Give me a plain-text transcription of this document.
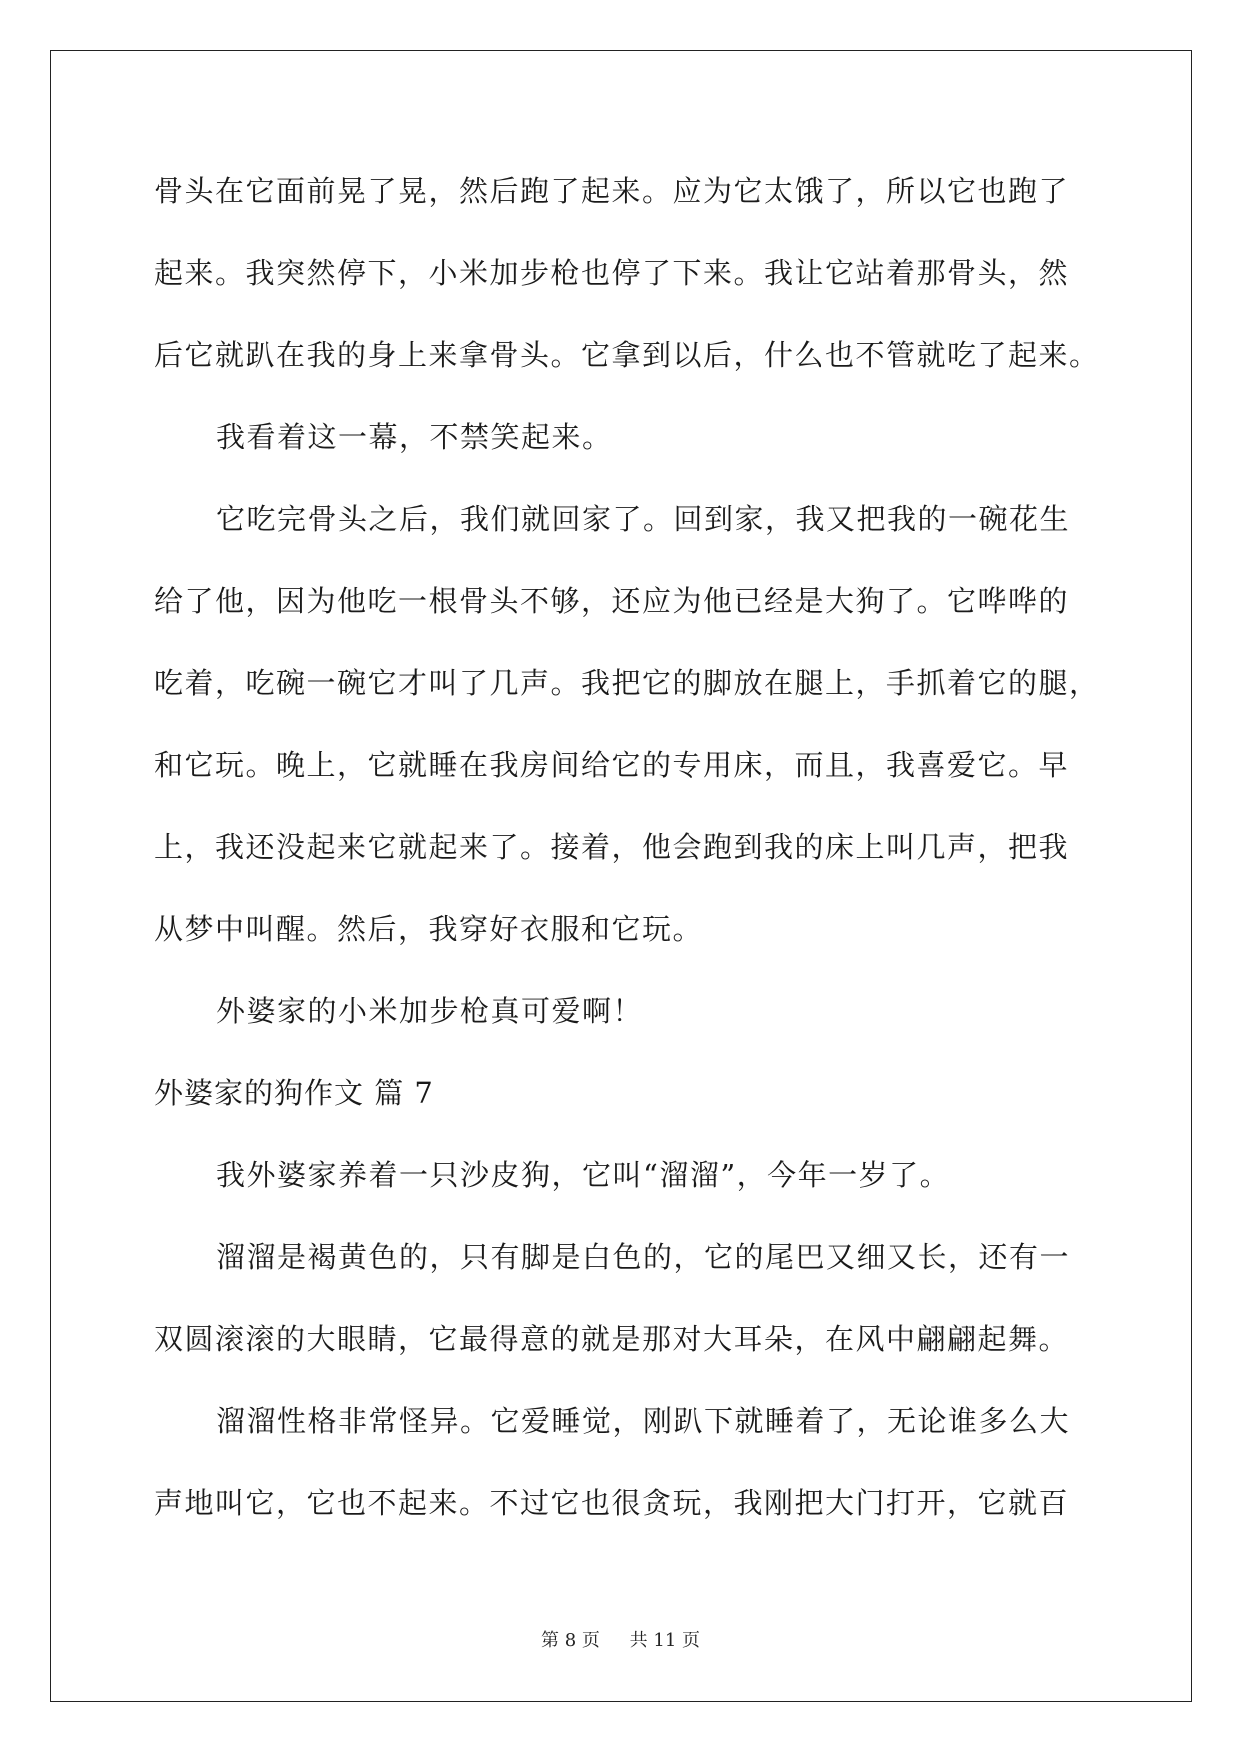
骨头在它面前晃了晃，然后跑了起来。应为它太饿了，所以它也跑了
起来。我突然停下，小米加步枪也停了下来。我让它站着那骨头，然
后它就趴在我的身上来拿骨头。它拿到以后，什么也不管就吃了起来。
我看着这一幕，不禁笑起来。
它吃完骨头之后，我们就回家了。回到家，我又把我的一碗花生
给了他，因为他吃一根骨头不够，还应为他已经是大狗了。它哗哗的
吃着，吃碗一碗它才叫了几声。我把它的脚放在腿上，手抓着它的腿，
和它玩。晚上，它就睡在我房间给它的专用床，而且，我喜爱它。早
上，我还没起来它就起来了。接着，他会跑到我的床上叫几声，把我
从梦中叫醒。然后，我穿好衣服和它玩。
外婆家的小米加步枪真可爱啊！
外婆家的狗作文 篇 7
我外婆家养着一只沙皮狗，它叫“溜溜”，今年一岁了。
溜溜是褐黄色的，只有脚是白色的，它的尾巴又细又长，还有一
双圆滚滚的大眼睛，它最得意的就是那对大耳朵，在风中翩翩起舞。
溜溜性格非常怪异。它爱睡觉，刚趴下就睡着了，无论谁多么大
声地叫它，它也不起来。不过它也很贪玩，我刚把大门打开，它就百
第 8 页 共 11 页
